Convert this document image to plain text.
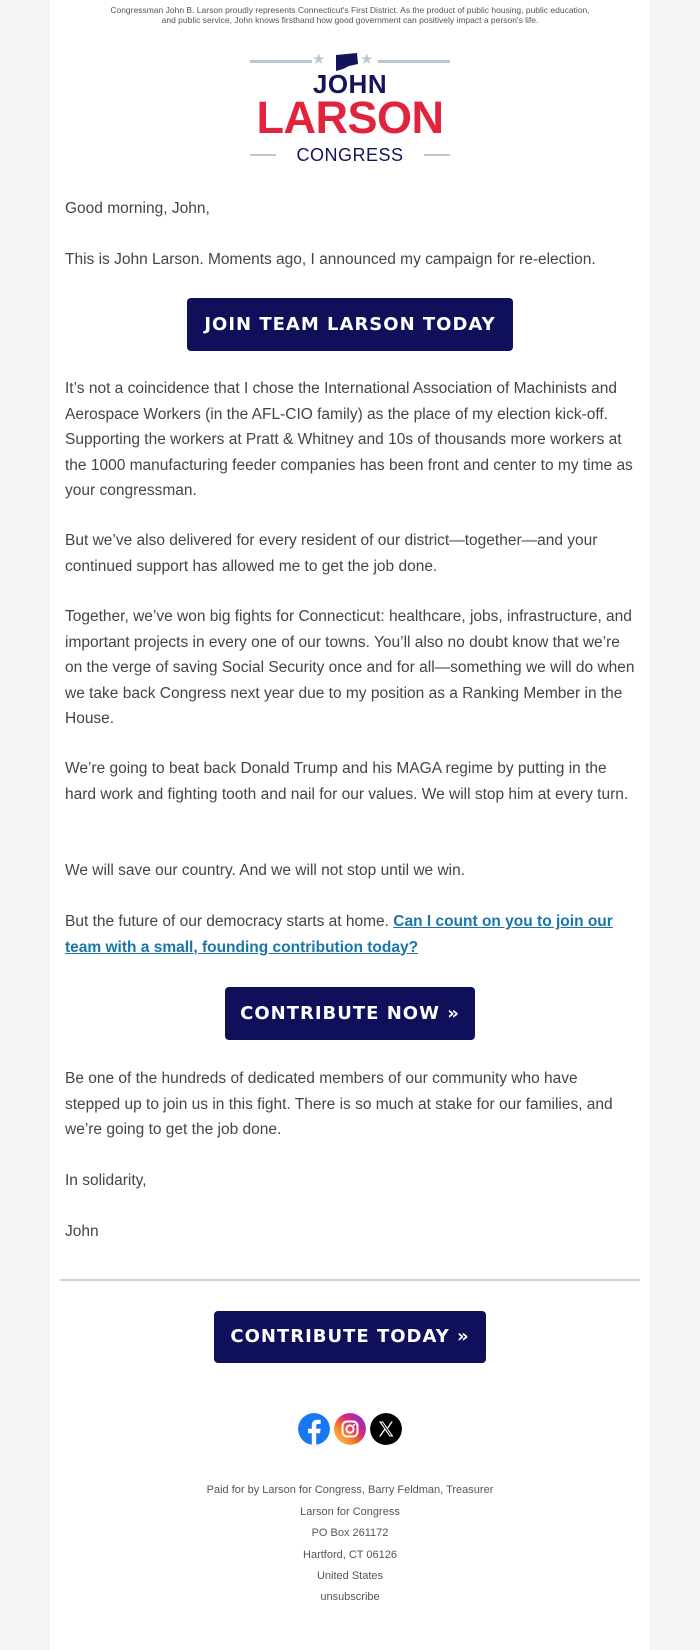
Congressman John B. Larson proudly represents Connecticut's First District. As the product of public housing, public education, and public service, John knows firsthand how good government can positively impact a person's life.
★ ★
JOHN
LARSON
CONGRESS

Good morning, John,

This is John Larson. Moments ago, I announced my campaign for re-election.

JOIN TEAM LARSON TODAY

It’s not a coincidence that I chose the International Association of Machinists and Aerospace Workers (in the AFL-CIO family) as the place of my election kick-off. Supporting the workers at Pratt & Whitney and 10s of thousands more workers at the 1000 manufacturing feeder companies has been front and center to my time as your congressman.

But we’ve also delivered for every resident of our district—together—and your continued support has allowed me to get the job done.

Together, we’ve won big fights for Connecticut: healthcare, jobs, infrastructure, and important projects in every one of our towns. You’ll also no doubt know that we’re on the verge of saving Social Security once and for all—something we will do when we take back Congress next year due to my position as a Ranking Member in the House.

We’re going to beat back Donald Trump and his MAGA regime by putting in the hard work and fighting tooth and nail for our values. We will stop him at every turn.

We will save our country. And we will not stop until we win.

But the future of our democracy starts at home. Can I count on you to join our team with a small, founding contribution today?

CONTRIBUTE NOW »

Be one of the hundreds of dedicated members of our community who have stepped up to join us in this fight. There is so much at stake for our families, and we’re going to get the job done.

In solidarity,

John

CONTRIBUTE TODAY »
Paid for by Larson for Congress, Barry Feldman, Treasurer
Larson for Congress
PO Box 261172
Hartford, CT 06126
United States
unsubscribe
